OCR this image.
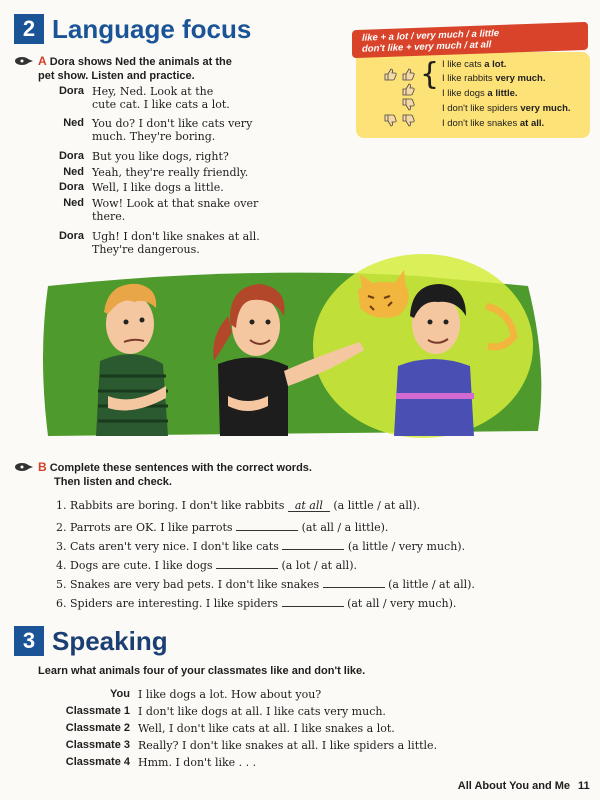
2 Language focus	like + a lot / very much / a little
don't like + very much / at all
{ I like cats a lot.
I like rabbits very much.
I like dogs a little.
I don't like spiders very much.
I don't like snakes at all.
A Dora shows Ned the animals at the
pet show. Listen and practice.
Dora Hey, Ned. Look at the
cute cat. I like cats a lot.
Ned You do? I don't like cats very
much. They're boring.
Dora But you like dogs, right?
Ned Yeah, they're really friendly.
Dora Well, I like dogs a little.
Ned Wow! Look at that snake over
there.
Dora Ugh! I don't like snakes at all.
They're dangerous.
B Complete these sentences with the correct words.
Then listen and check.
1. Rabbits are boring. I don't like rabbits at all (a little / at all).
2. Parrots are OK. I like parrots	(at all / a little).
3. Cats aren't very nice. I don't like cats	(a little / very much).
4. Dogs are cute. I like dogs	(a lot / at all).
5. Snakes are very bad pets. I don't like snakes	(a little / at all).
6. Spiders are interesting. I like spiders	(at all / very much).
3 Speaking
Learn what animals four of your classmates like and don't like.
You I like dogs a lot. How about you?
Classmate 1 I don't like dogs at all. I like cats very much.
Classmate 2 Well, I don't like cats at all. I like snakes a lot.
Classmate 3 Really? I don't like snakes at all. I like spiders a little.
Classmate 4 Hmm. I don't like . . .
All About You and Me 11
